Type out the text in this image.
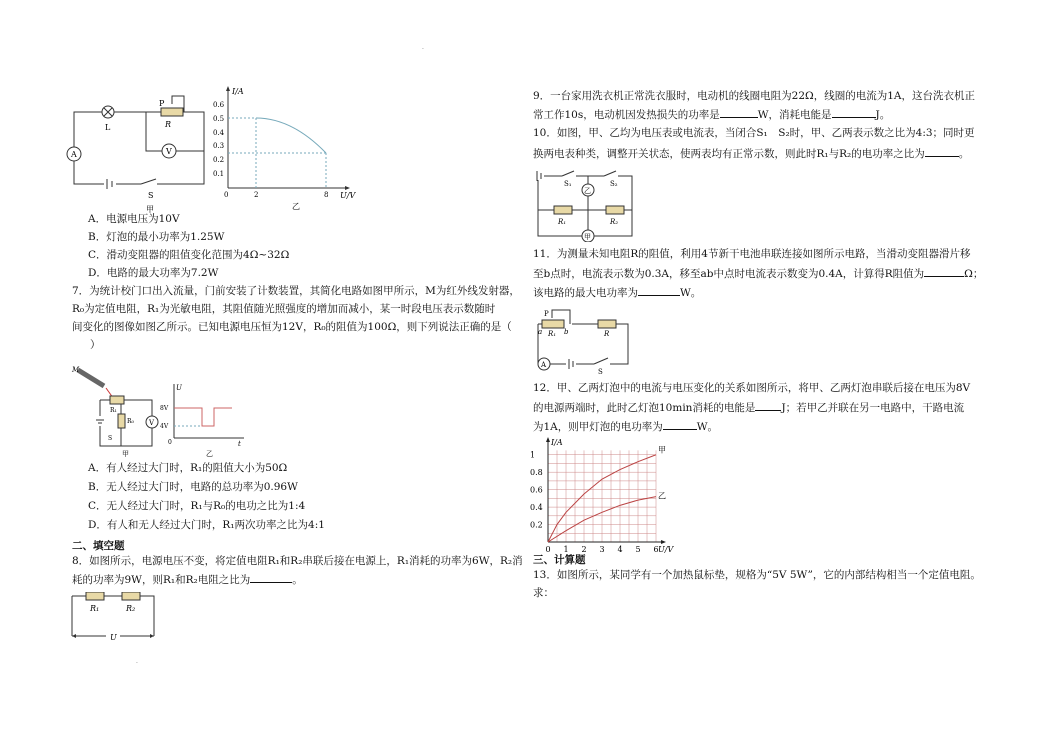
L
P
R
A	V
S
甲
I/A
U/V
0.6
0.5
0.4
0.3
0.2
0.1
0	2	8
乙
A．电源电压为10V
B．灯泡的最小功率为1.25W
C．滑动变阻器的阻值变化范围为4Ω~32Ω
D．电路的最大功率为7.2W
7．为统计校门口出入流量，门前安装了计数装置，其简化电路如图甲所示，M为红外线发射器，
R₀为定值电阻，R₁为光敏电阻，其阻值随光照强度的增加而减小，某一时段电压表示数随时
间变化的图像如图乙所示。已知电源电压恒为12V，R₀的阻值为100Ω，则下列说法正确的是（
）
M
R₁
R₀
S
V
甲
U
8V
4V
0	t
乙
A．有人经过大门时，R₁的阻值大小为50Ω
B．无人经过大门时，电路的总功率为0.96W
C．无人经过大门时，R₁与R₀的电功之比为1:4
D．有人和无人经过大门时，R₁两次功率之比为4:1
二、填空题
8．如图所示，电源电压不变，将定值电阻R₁和R₂串联后接在电源上，R₁消耗的功率为6W，R₂消
耗的功率为9W，则R₁和R₂电阻之比为	。
R₁	R₂
U
9．一台家用洗衣机正常洗衣服时，电动机的线圈电阻为22Ω，线圈的电流为1A，这台洗衣机正
常工作10s，电动机因发热损失的功率是	W，消耗电能是	J。
10．如图，甲、乙均为电压表或电流表，当闭合S₁　S₂时，甲、乙两表示数之比为4:3；同时更
换两电表种类，调整开关状态，使两表均有正常示数，则此时R₁与R₂的电功率之比为	。
S₁	S₂
乙
甲
R₁	R₂
11．为测量未知电阻R的阻值，利用4节新干电池串联连接如图所示电路，当滑动变阻器滑片移
至b点时，电流表示数为0.3A，移至ab中点时电流表示数变为0.4A，计算得R阻值为	Ω；
该电路的最大电功率为	W。
P
a R₁ b	R
A
S
12．甲、乙两灯泡中的电流与电压变化的关系如图所示，将甲、乙两灯泡串联后接在电压为8V
的电源两端时，此时乙灯泡10min消耗的电能是 J；若甲乙并联在另一电路中，干路电流
为1A，则甲灯泡的电功率为	W。
0 1 2 3 4 5 6
0.2
0.4
0.6
0.8
1
I/A
U/V
甲
乙
三、计算题
13．如图所示，某同学有一个加热鼠标垫，规格为“5V 5W”，它的内部结构相当一个定值电阻。
求：
·
·
